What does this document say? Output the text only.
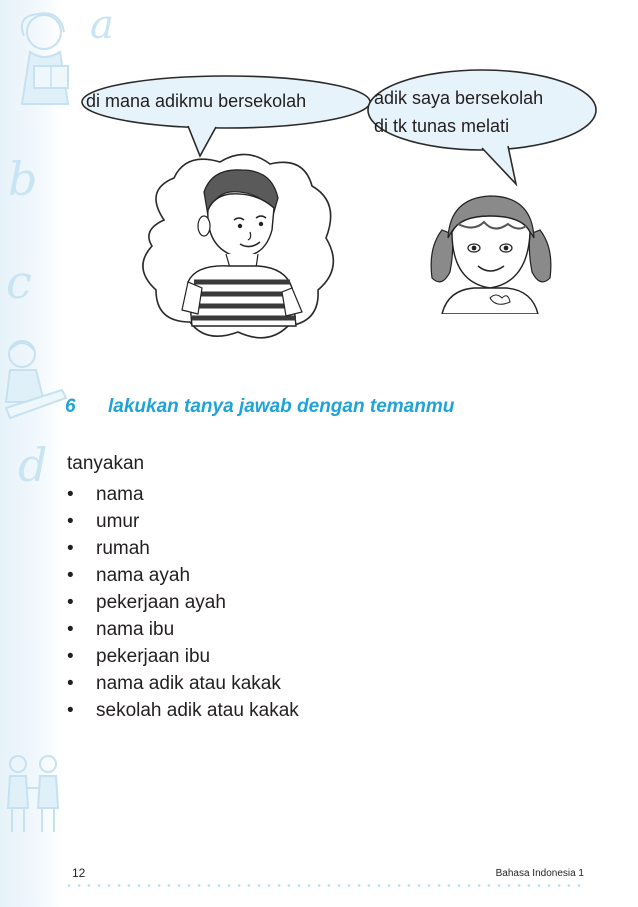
a
b
c
d
di mana adikmu bersekolah	adik saya bersekolah
di tk tunas melati
6 lakukan tanya jawab dengan temanmu
tanyakan
• nama
• umur
• rumah
• nama ayah
• pekerjaan ayah
• nama ibu
• pekerjaan ibu
• nama adik atau kakak
• sekolah adik atau kakak
12	Bahasa Indonesia 1
